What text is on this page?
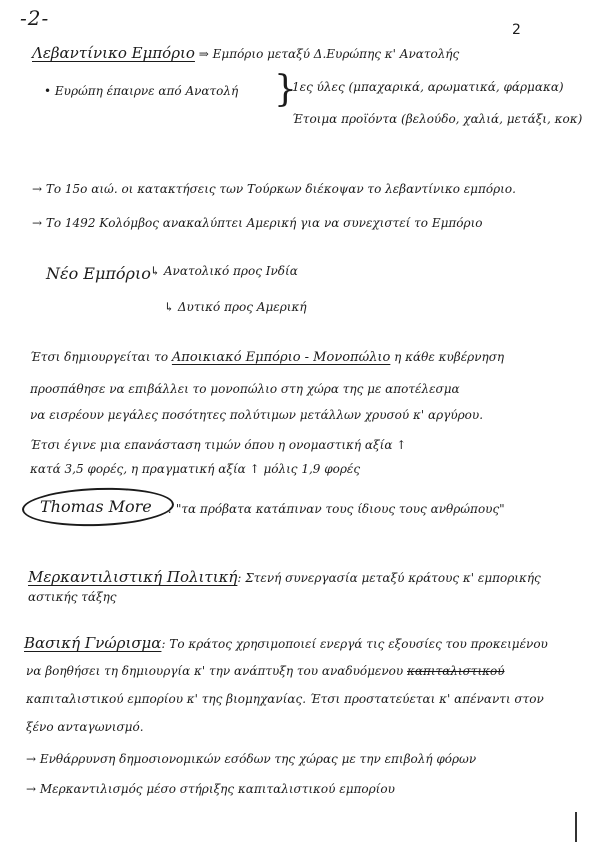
-2-	2
Λεβαντίνικο Εμπόριο ⇒ Εμπόριο μεταξύ Δ.Ευρώπης κ' Ανατολής
• Ευρώπη έπαιρνε από Ανατολή }
1ες ύλες (μπαχαρικά, αρωματικά, φάρμακα)
Έτοιμα προϊόντα (βελούδο, χαλιά, μετάξι, κοκ)
→ Το 15ο αιώ. οι κατακτήσεις των Τούρκων διέκοψαν το λεβαντίνικο εμπόριο.
→ Το 1492 Κολόμβος ανακαλύπτει Αμερική για να συνεχιστεί το Εμπόριο
Νέο Εμπόριο ↳ Ανατολικό προς Ινδία
↳ Δυτικό προς Αμερική
Έτσι δημιουργείται το Αποικιακό Εμπόριο - Μονοπώλιο η κάθε κυβέρνηση
προσπάθησε να επιβάλλει το μονοπώλιο στη χώρα της με αποτέλεσμα
να εισρέουν μεγάλες ποσότητες πολύτιμων μετάλλων χρυσού κ' αργύρου.
Έτσι έγινε μια επανάσταση τιμών όπου η ονομαστική αξία ↑
κατά 3,5 φορές, η πραγματική αξία ↑ μόλις 1,9 φορές
Thomas More : "τα πρόβατα κατάπιναν τους ίδιους τους ανθρώπους"
Μερκαντιλιστική Πολιτική: Στενή συνεργασία μεταξύ κράτους κ' εμπορικής
αστικής τάξης
Βασική Γνώρισμα: Το κράτος χρησιμοποιεί ενεργά τις εξουσίες του προκειμένου
να βοηθήσει τη δημιουργία κ' την ανάπτυξη του αναδυόμενου καπιταλιστικού
καπιταλιστικού εμπορίου κ' της βιομηχανίας. Έτσι προστατεύεται κ' απέναντι στον
ξένο ανταγωνισμό.
→ Ενθάρρυνση δημοσιονομικών εσόδων της χώρας με την επιβολή φόρων
→ Μερκαντιλισμός μέσο στήριξης καπιταλιστικού εμπορίου
